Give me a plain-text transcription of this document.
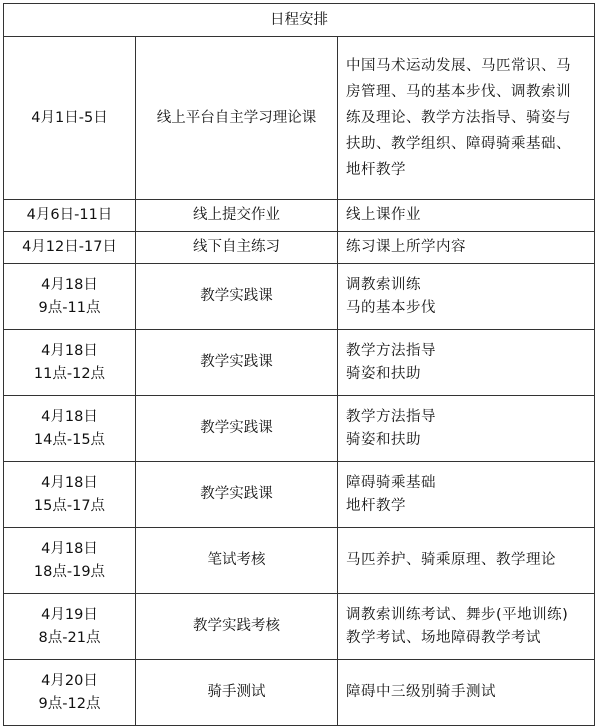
日程安排		
4月1日-5日	线上平台自主学习理论课	中国马术运动发展、马匹常识、马
房管理、马的基本步伐、调教索训
练及理论、教学方法指导、骑姿与
扶助、教学组织、障碍骑乘基础、
地杆教学
4月6日-11日	线上提交作业	线上课作业
4月12日-17日	线下自主练习	练习课上所学内容
4月18日
9点-11点	教学实践课	调教索训练
马的基本步伐
4月18日
11点-12点	教学实践课	教学方法指导
骑姿和扶助
4月18日
14点-15点	教学实践课	教学方法指导
骑姿和扶助
4月18日
15点-17点	教学实践课	障碍骑乘基础
地杆教学
4月18日
18点-19点	笔试考核	马匹养护、骑乘原理、教学理论
4月19日
8点-21点	教学实践考核	调教索训练考试、舞步(平地训练)
教学考试、场地障碍教学考试
4月20日
9点-12点	骑手测试	障碍中三级别骑手测试
